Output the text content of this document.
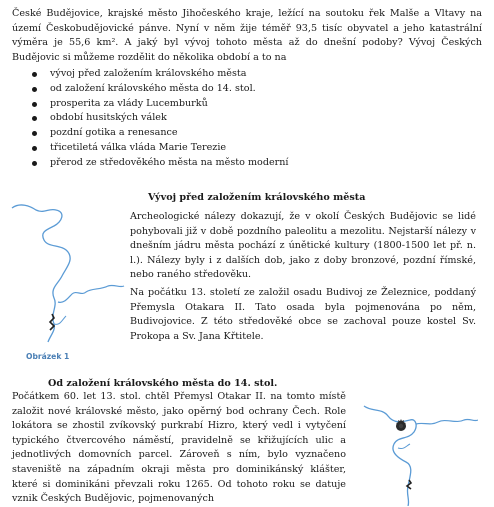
České Budějovice, krajské město Jihočeského kraje, ležící na soutoku řek Malše a Vltavy na území Českobudějovické pánve. Nyní v něm žije téměř 93,5 tisíc obyvatel a jeho katastrální výměra je 55,6 km². A jaký byl vývoj tohoto města až do dnešní podoby? Vývoj Českých Budějovic si můžeme rozdělit do několika období a to na

vývoj před založením královského města
od založení královského města do 14. stol.
prosperita za vlády Lucemburků
období husitských válek
pozdní gotika a renesance
třicetiletá válka vláda Marie Terezie
přerod ze středověkého města na město moderní
Obrázek 1
Vývoj před založením královského města

Archeologické nálezy dokazují, že v okolí Českých Budějovic se lidé pohybovali již v době pozdního paleolitu a mezolitu. Nejstarší nálezy v dnešním jádru města pochází z únětické kultury (1800-1500 let př. n. l.). Nálezy byly i z dalších dob, jako z doby bronzové, pozdní římské, nebo raného středověku.

Na počátku 13. století ze založil osadu Budivoj ze Železnice, poddaný Přemysla Otakara II. Tato osada byla pojmenována po něm, Budivojovice. Z této středověké obce se zachoval pouze kostel Sv. Prokopa a Sv. Jana Křtitele.

Od založení královského města do 14. stol.

Počátkem 60. let 13. stol. chtěl Přemysl Otakar II. na tomto místě založit nové královské město, jako opěrný bod ochrany Čech. Role lokátora se zhostil zvíkovský purkrabí Hizro, který vedl i vytyčení typického čtvercového náměstí, pravidelně se křižujících ulic a jednotlivých domovních parcel. Zároveň s ním, bylo vyznačeno staveniště na západním okraji města pro dominikánský klášter, které si dominikáni převzali roku 1265. Od tohoto roku se datuje vznik Českých Budějovic, pojmenovaných
